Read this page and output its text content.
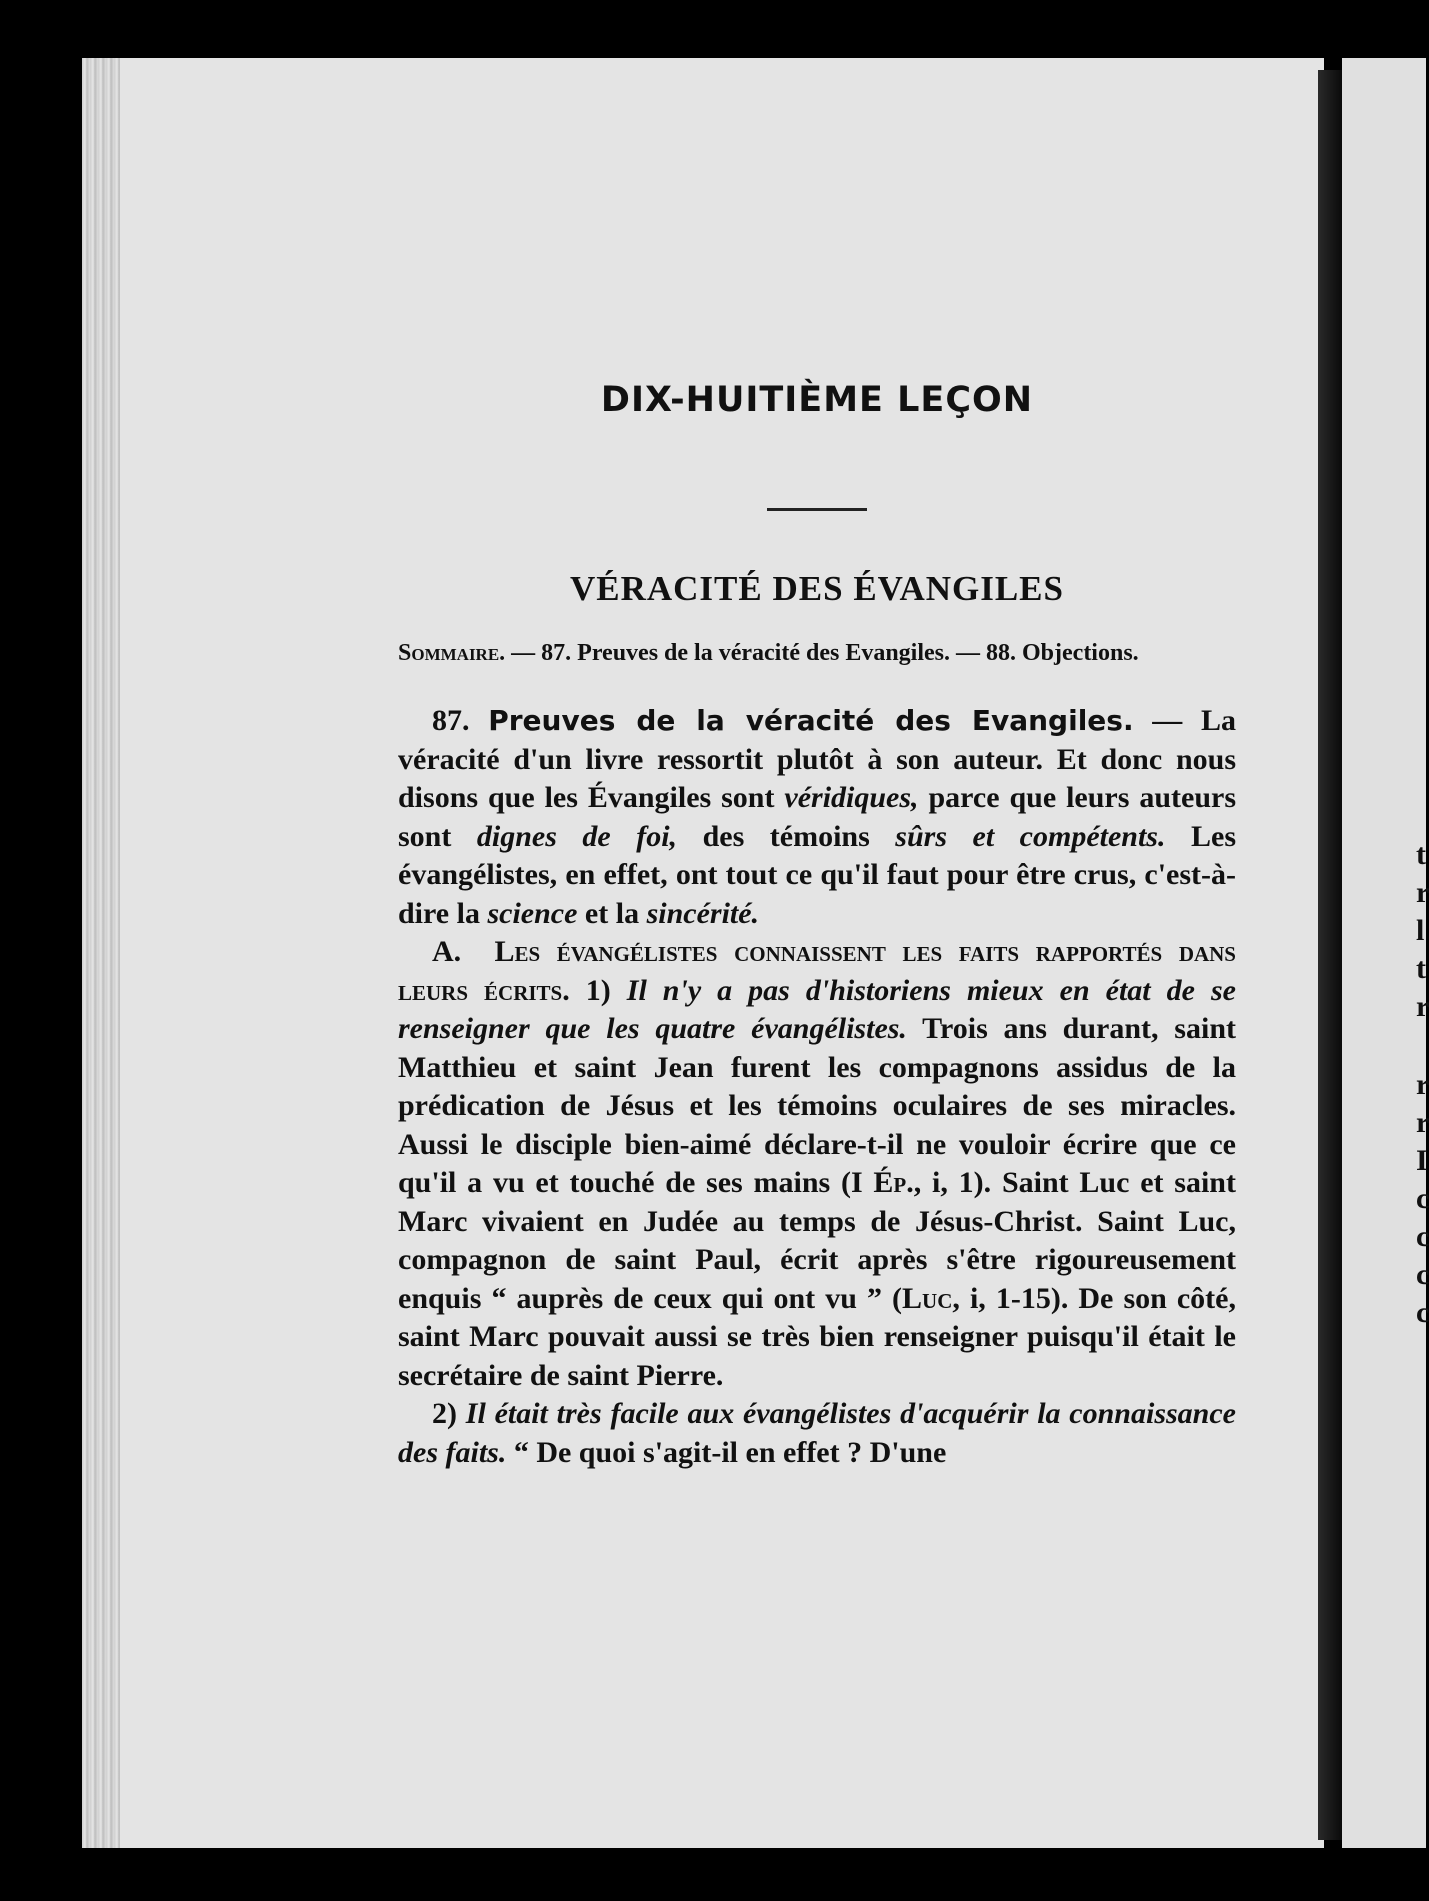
t
r
l
t
r
r
r
I
c
c
c
c
DIX-HUITIÈME LEÇON
VÉRACITÉ DES ÉVANGILES

Sommaire. — 87. Preuves de la véracité des Evangiles. — 88. Objections.

87. Preuves de la véracité des Evangiles. — La véracité d'un livre ressortit plutôt à son auteur. Et donc nous disons que les Évangiles sont véridiques, parce que leurs auteurs sont dignes de foi, des témoins sûrs et compétents. Les évangélistes, en effet, ont tout ce qu'il faut pour être crus, c'est-à-dire la science et la sincérité.

A. Les évangélistes connaissent les faits rapportés dans leurs écrits. 1) Il n'y a pas d'historiens mieux en état de se renseigner que les quatre évangélistes. Trois ans durant, saint Matthieu et saint Jean furent les compagnons assidus de la prédication de Jésus et les témoins oculaires de ses miracles. Aussi le disciple bien-aimé déclare-t-il ne vouloir écrire que ce qu'il a vu et touché de ses mains (I Ép., i, 1). Saint Luc et saint Marc vivaient en Judée au temps de Jésus-Christ. Saint Luc, compagnon de saint Paul, écrit après s'être rigoureusement enquis “ auprès de ceux qui ont vu ” (Luc, i, 1-15). De son côté, saint Marc pouvait aussi se très bien renseigner puisqu'il était le secrétaire de saint Pierre.

2) Il était très facile aux évangélistes d'acquérir la connaissance des faits. “ De quoi s'agit-il en effet ? D'une
